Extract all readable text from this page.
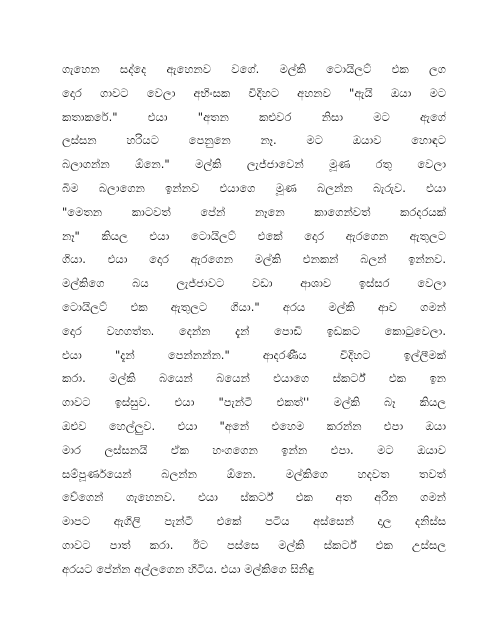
ගැහෙන සද්දෙ ඇහෙනව වගේ. මල්කි ටොයිලට් එක ලග
දොර ගාවට වෙලා අභිංසක විදිහට අහනව "ඇයි ඔයා මට
කතාකරේ." එයා "අතන කළුවර නිසා මට ඇගේ
ලස්සන හරියට පෙනුනෙ නෑ. මට ඔයාව හොඳට
බලාගන්න ඕනෙ." මල්කි ලැජ්ජාවෙන් මූණ රතු වෙලා
බිම බලාගෙන ඉන්නව එයාගෙ මූණ බලන්න බැරුව. එයා
"මෙතන කාටවත් පේන් නෑනෙ කාගෙන්වත් කරදරයක්
නෑ" කියල එයා ටොයිලට් එකේ දොර ඇරගෙන ඇතුලට
ගියා. එයා දොර ඇරගෙන මල්කි එනකන් බලන් ඉන්නව.
මල්කිගෙ බය ලැජ්ජාවට වඩා ආශාව ඉස්සර වෙලා
ටොයිලට් එක ඇතුලට ගියා." අරය මල්කි ආව ගමන්
දොර වහගත්ත. දෙන්න දැන් පොඩි ඉඩකට කොටුවෙලා.
එයා "දැන් පෙන්නන්න." ආදරණීය විදිහට ඉල්ලීමක්
කරා. මල්කි බයෙන් බයෙන් එයාගෙ ස්කර්ට් එක ඉන
ගාවට ඉස්සුව. එයා "පැන්ටී එකත්'' මල්කි බෑ කියල
ඔළුව හෙල්ලුව. එයා "අනේ එහෙම කරන්න එපා ඔයා
මාර ලස්සනයි ඒක හංගගෙන ඉන්න එපා. මට ඔයාව
සම්පූර්ණයෙන් බලන්න ඕනෙ. මල්කිගෙ හදවත තවත්
වේගෙන් ගැහෙනව. එයා ස්කර්ට් එක අත අරින ගමන්
මාපට ඇගිලි පැන්ටී එකේ පටිය අස්සෙන් දාල දනිස්ස
ගාවට පාත් කරා. ඊට පස්සෙ මල්කි ස්කර්ට් එක උස්සල
අරයට පේන්න අල්ලගෙන හිටිය. එයා මල්කිගෙ සිනිඳු
